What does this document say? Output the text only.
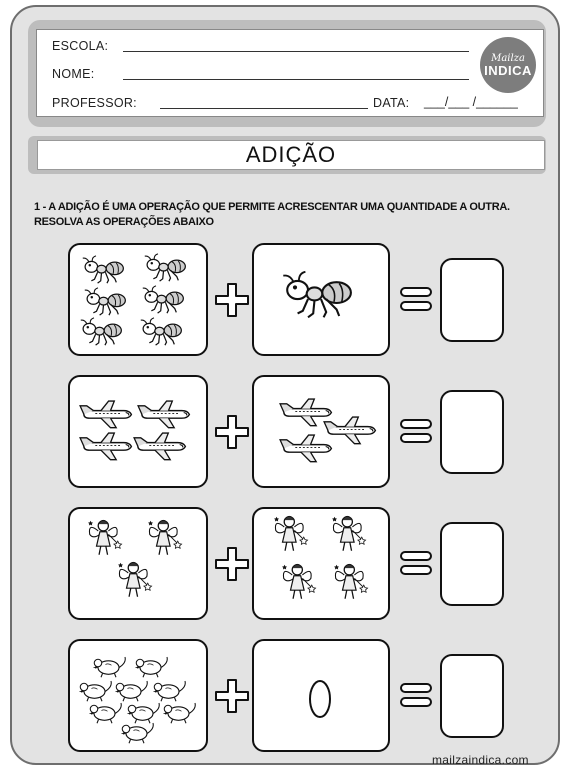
ESCOLA:
NOME:
PROFESSOR:	DATA: ___/___ /______
Mailza
INDICA
ADIÇÃO
1 - A ADIÇÃO É UMA OPERAÇÃO QUE PERMITE ACRESCENTAR UMA QUANTIDADE A OUTRA.
RESOLVA AS OPERAÇÕES ABAIXO
mailzaindica.com
